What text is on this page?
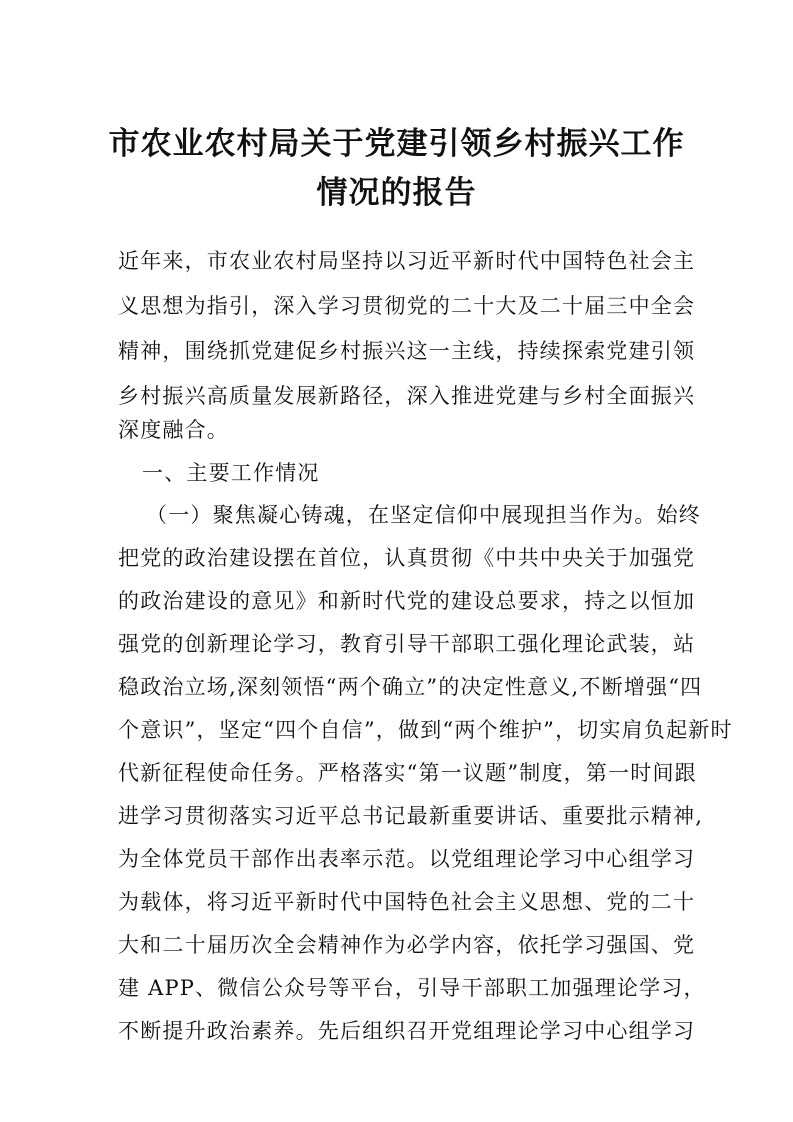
市农业农村局关于党建引领乡村振兴工作
情况的报告

近年来，市农业农村局坚持以习近平新时代中国特色社会主

义思想为指引，深入学习贯彻党的二十大及二十届三中全会

精神，围绕抓党建促乡村振兴这一主线，持续探索党建引领

乡村振兴高质量发展新路径，深入推进党建与乡村全面振兴

深度融合。

一、主要工作情况

（一）聚焦凝心铸魂，在坚定信仰中展现担当作为。始终

把党的政治建设摆在首位，认真贯彻《中共中央关于加强党

的政治建设的意见》和新时代党的建设总要求，持之以恒加

强党的创新理论学习，教育引导干部职工强化理论武装，站

稳政治立场,深刻领悟“两个确立”的决定性意义,不断增强“四

个意识”，坚定“四个自信”，做到“两个维护”，切实肩负起新时

代新征程使命任务。严格落实“第一议题”制度，第一时间跟

进学习贯彻落实习近平总书记最新重要讲话、重要批示精神,

为全体党员干部作出表率示范。以党组理论学习中心组学习

为载体，将习近平新时代中国特色社会主义思想、党的二十

大和二十届历次全会精神作为必学内容，依托学习强国、党

建 APP、微信公众号等平台，引导干部职工加强理论学习，

不断提升政治素养。先后组织召开党组理论学习中心组学习
